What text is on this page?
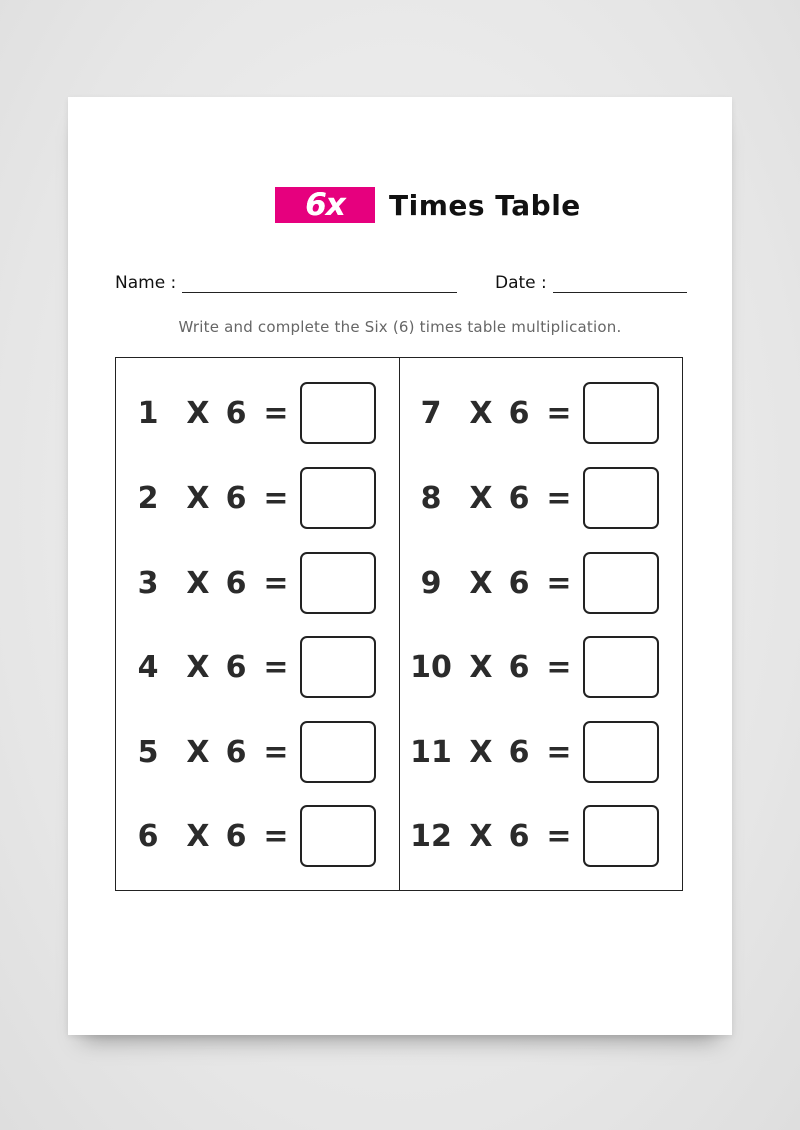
6x Times Table
Name :	Date :
Write and complete the Six (6) times table multiplication.
1 X 6 =
2 X 6 =
3 X 6 =
4 X 6 =
5 X 6 =
6 X 6 =
7 X 6 =
8 X 6 =
9 X 6 =
10 X 6 =
11 X 6 =
12 X 6 =
